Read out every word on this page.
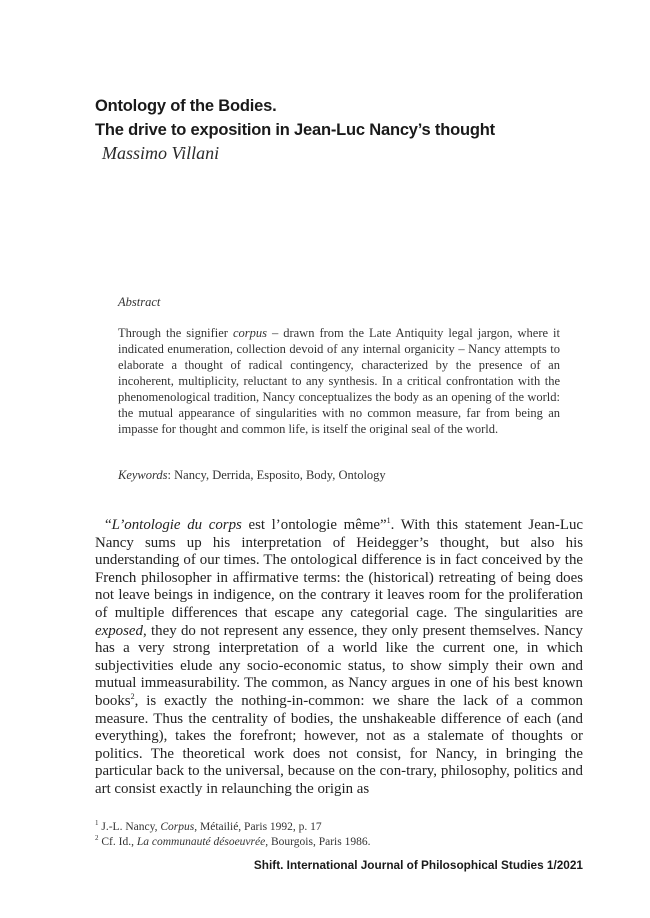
Ontology of the Bodies.
The drive to exposition in Jean-Luc Nancy’s thought
Massimo Villani
Abstract
Through the signifier corpus – drawn from the Late Antiquity legal jargon, where it indicated enumeration, collection devoid of any internal organicity – Nancy attempts to elaborate a thought of radical contingency, characterized by the presence of an incoherent, multiplicity, reluctant to any synthesis. In a critical confrontation with the phenomenological tradition, Nancy conceptualizes the body as an opening of the world: the mutual appearance of singularities with no common measure, far from being an impasse for thought and common life, is itself the original seal of the world.
Keywords: Nancy, Derrida, Esposito, Body, Ontology
“L’ontologie du corps est l’ontologie même”$^1$. With this statement Jean-Luc Nancy sums up his interpretation of Heidegger’s thought, but also his understanding of our times. The ontological difference is in fact conceived by the French philosopher in affirmative terms: the (historical) retreating of being does not leave beings in indigence, on the contrary it leaves room for the proliferation of multiple differences that escape any categorial cage. The singularities are exposed, they do not represent any essence, they only present themselves. Nancy has a very strong interpretation of a world like the current one, in which subjectivities elude any socio-economic status, to show simply their own and mutual immeasurability. The common, as Nancy argues in one of his best known books$^2$, is exactly the nothing-in-common: we share the lack of a common measure. Thus the centrality of bodies, the unshakeable difference of each (and everything), takes the forefront; however, not as a stalemate of thoughts or politics. The theoretical work does not consist, for Nancy, in bringing the particular back to the universal, because on the con-trary, philosophy, politics and art consist exactly in relaunching the origin as
$^1$ J.-L. Nancy, Corpus, Métailié, Paris 1992, p. 17
$^2$ Cf. Id., La communauté désoeuvrée, Bourgois, Paris 1986.
Shift. International Journal of Philosophical Studies 1/2021
